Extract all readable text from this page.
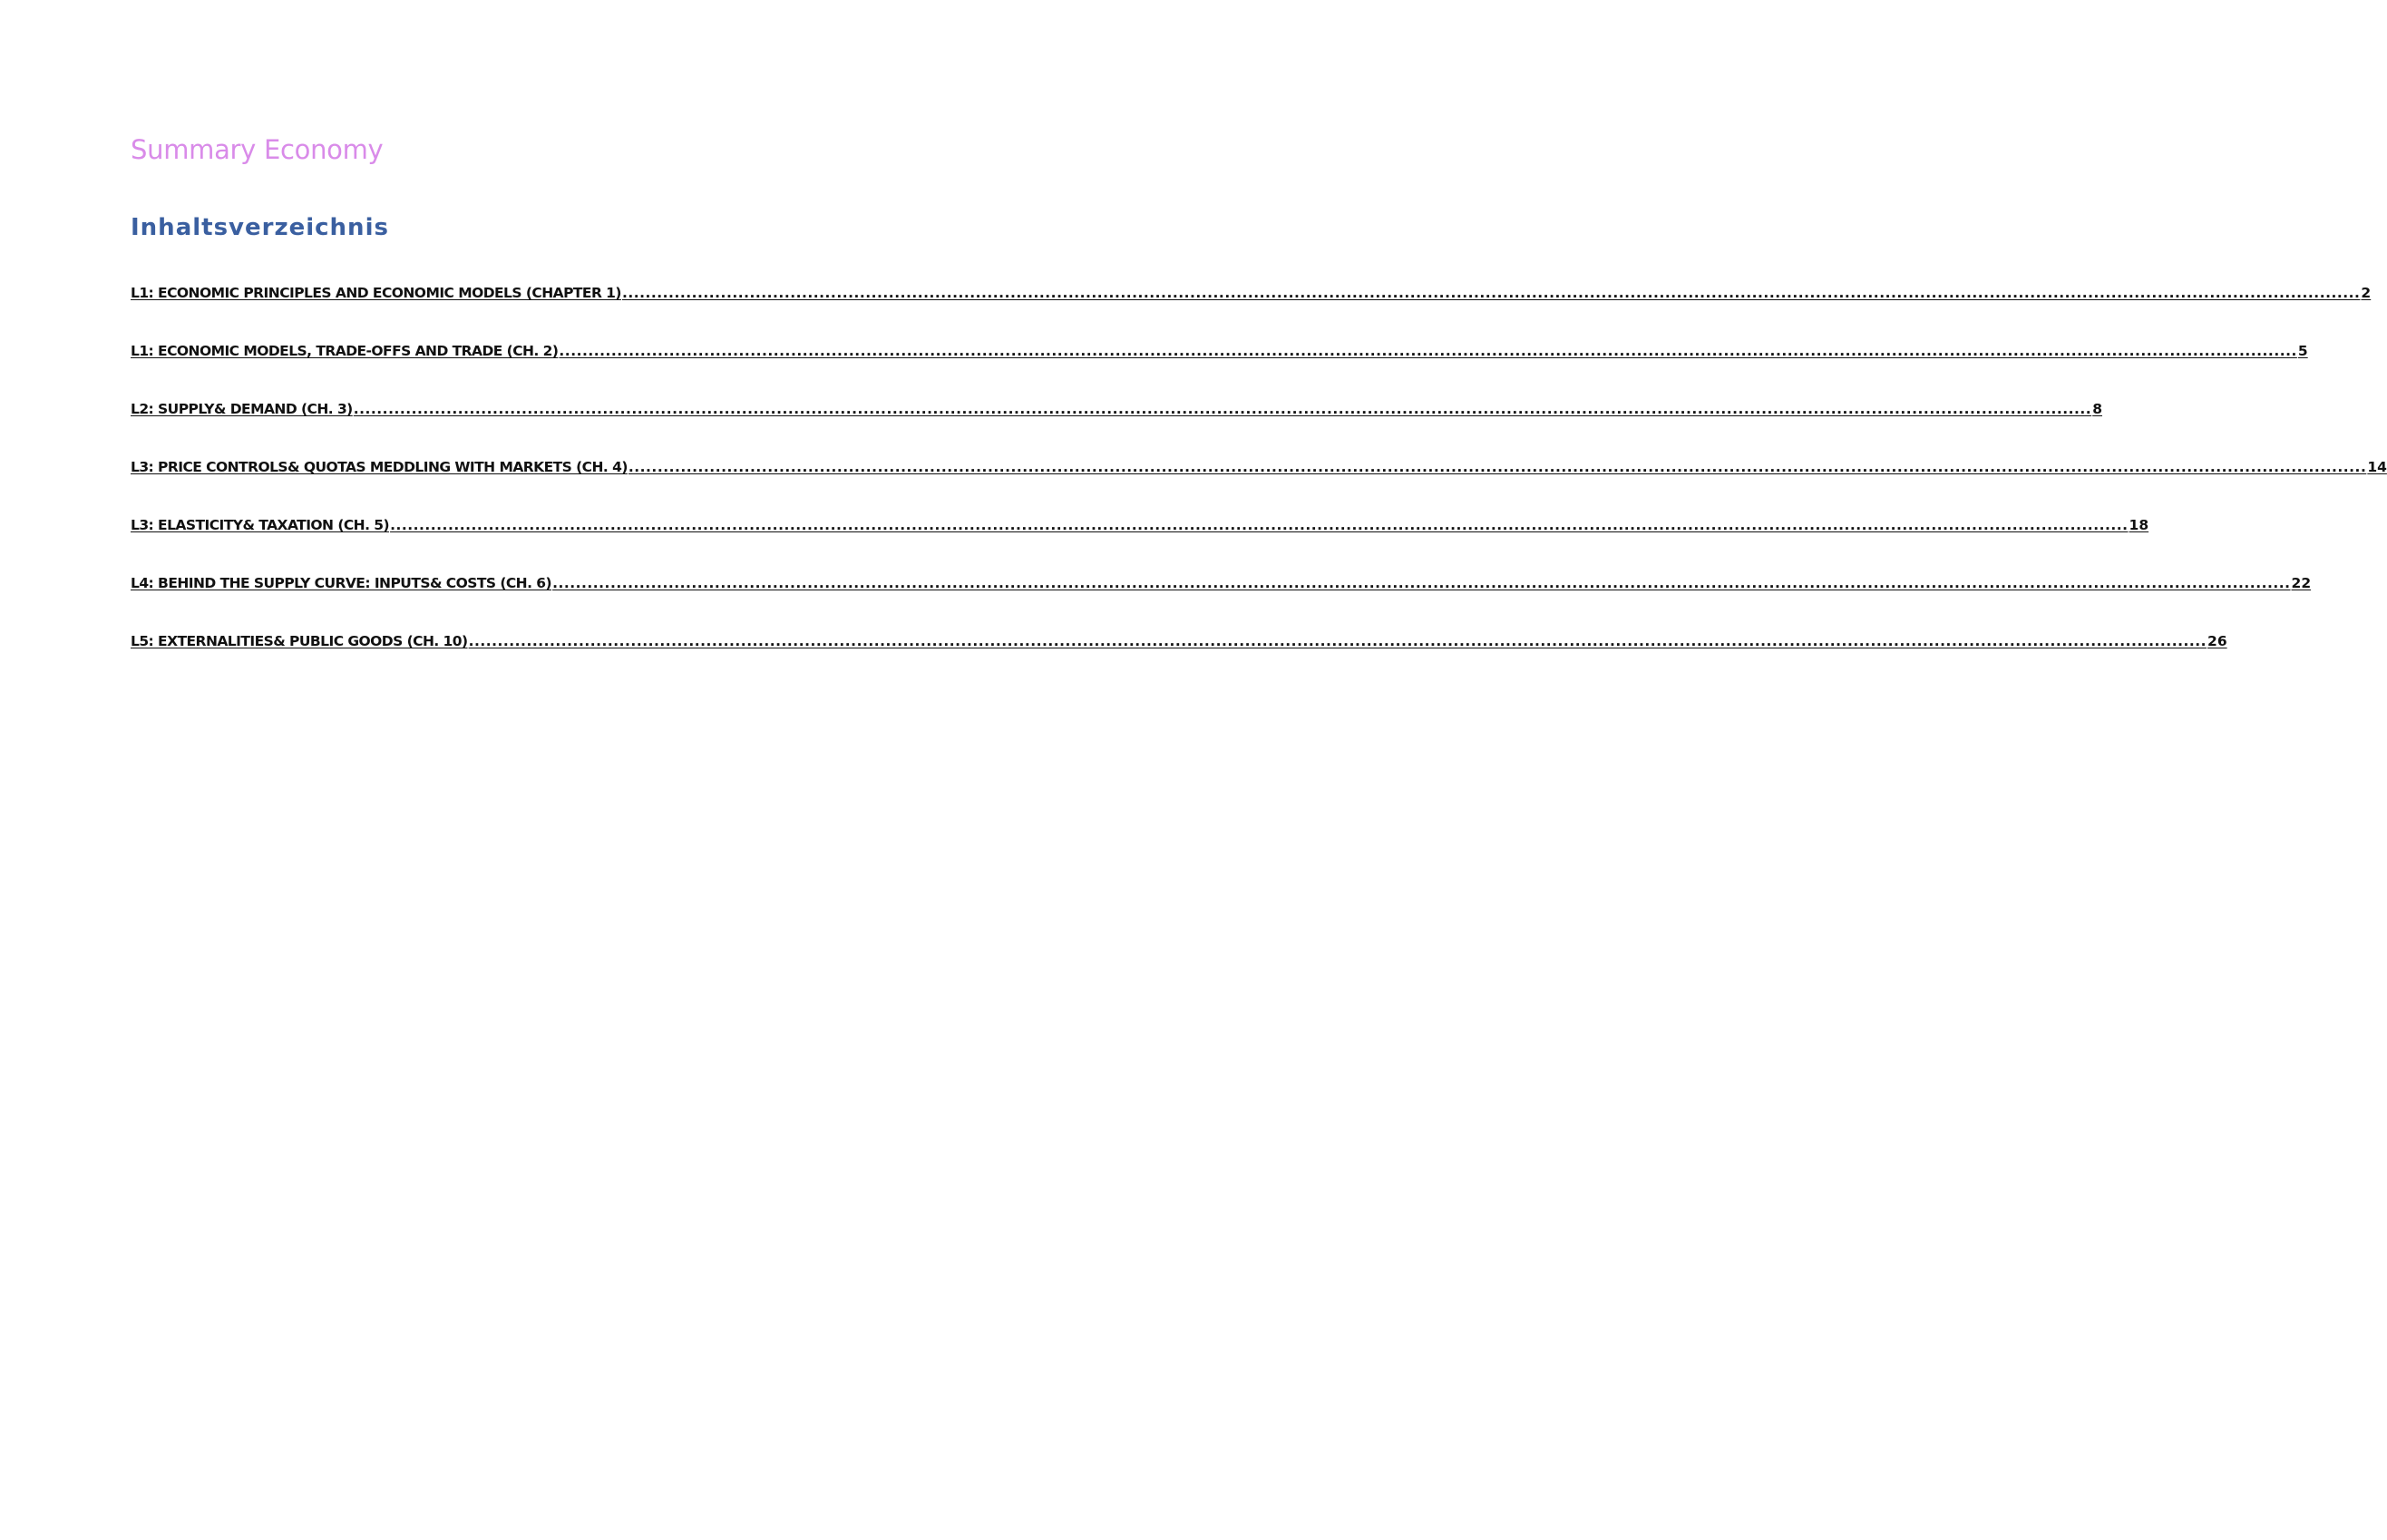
Summary Economy
Inhaltsverzeichnis
L1: ECONOMIC PRINCIPLES AND ECONOMIC MODELS (CHAPTER 1) ............................................................................................................................................................................................................................................................................................................ 2
L1: ECONOMIC MODELS, TRADE-OFFS AND TRADE (CH. 2) ............................................................................................................................................................................................................................................................................................................ 5
L2: SUPPLY& DEMAND (CH. 3) ............................................................................................................................................................................................................................................................................................................ 8
L3: PRICE CONTROLS& QUOTAS MEDDLING WITH MARKETS (CH. 4) ............................................................................................................................................................................................................................................................................................................ 14
L3: ELASTICITY& TAXATION (CH. 5) ............................................................................................................................................................................................................................................................................................................ 18
L4: BEHIND THE SUPPLY CURVE: INPUTS& COSTS (CH. 6) ............................................................................................................................................................................................................................................................................................................ 22
L5: EXTERNALITIES& PUBLIC GOODS (CH. 10) ............................................................................................................................................................................................................................................................................................................ 26
